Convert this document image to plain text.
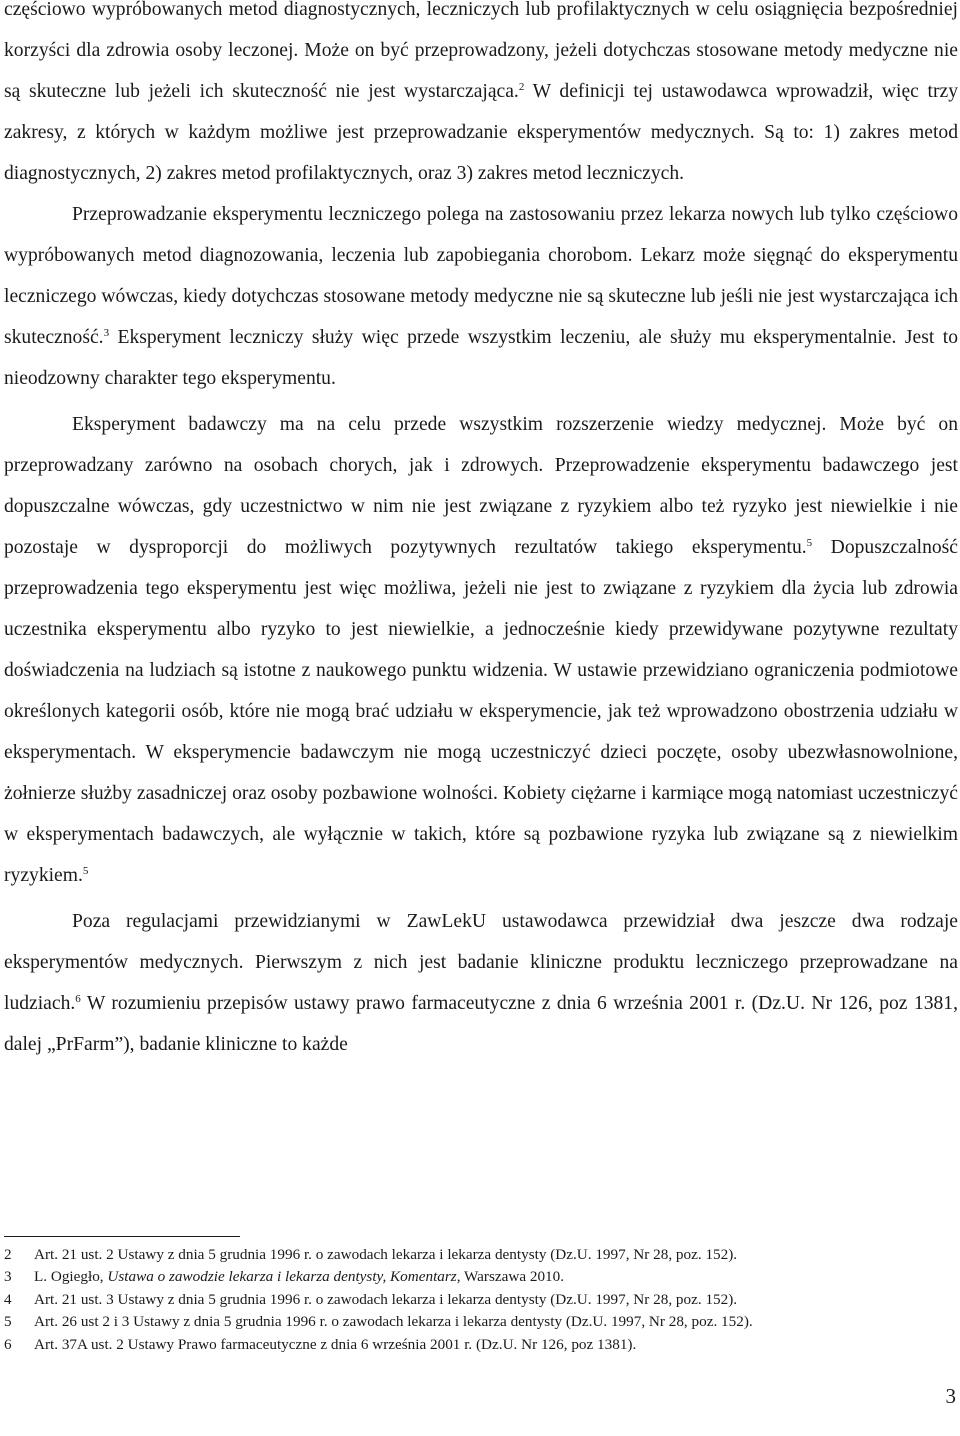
częściowo wypróbowanych metod diagnostycznych, leczniczych lub profilaktycznych w celu osiągnięcia bezpośredniej korzyści dla zdrowia osoby leczonej. Może on być przeprowadzony, jeżeli dotychczas stosowane metody medyczne nie są skuteczne lub jeżeli ich skuteczność nie jest wystarczająca.$^2$ W definicji tej ustawodawca wprowadził, więc trzy zakresy, z których w każdym możliwe jest przeprowadzanie eksperymentów medycznych. Są to: 1) zakres metod diagnostycznych, 2) zakres metod profilaktycznych, oraz 3) zakres metod leczniczych.

Przeprowadzanie eksperymentu leczniczego polega na zastosowaniu przez lekarza nowych lub tylko częściowo wypróbowanych metod diagnozowania, leczenia lub zapobiegania chorobom. Lekarz może sięgnąć do eksperymentu leczniczego wówczas, kiedy dotychczas stosowane metody medyczne nie są skuteczne lub jeśli nie jest wystarczająca ich skuteczność.$^3$ Eksperyment leczniczy służy więc przede wszystkim leczeniu, ale służy mu eksperymentalnie. Jest to nieodzowny charakter tego eksperymentu.

Eksperyment badawczy ma na celu przede wszystkim rozszerzenie wiedzy medycznej. Może być on przeprowadzany zarówno na osobach chorych, jak i zdrowych. Przeprowadzenie eksperymentu badawczego jest dopuszczalne wówczas, gdy uczestnictwo w nim nie jest związane z ryzykiem albo też ryzyko jest niewielkie i nie pozostaje w dysproporcji do możliwych pozytywnych rezultatów takiego eksperymentu.$^5$ Dopuszczalność przeprowadzenia tego eksperymentu jest więc możliwa, jeżeli nie jest to związane z ryzykiem dla życia lub zdrowia uczestnika eksperymentu albo ryzyko to jest niewielkie, a jednocześnie kiedy przewidywane pozytywne rezultaty doświadczenia na ludziach są istotne z naukowego punktu widzenia. W ustawie przewidziano ograniczenia podmiotowe określonych kategorii osób, które nie mogą brać udziału w eksperymencie, jak też wprowadzono obostrzenia udziału w eksperymentach. W eksperymencie badawczym nie mogą uczestniczyć dzieci poczęte, osoby ubezwłasnowolnione, żołnierze służby zasadniczej oraz osoby pozbawione wolności. Kobiety ciężarne i karmiące mogą natomiast uczestniczyć w eksperymentach badawczych, ale wyłącznie w takich, które są pozbawione ryzyka lub związane są z niewielkim ryzykiem.$^5$

Poza regulacjami przewidzianymi w ZawLekU ustawodawca przewidział dwa jeszcze dwa rodzaje eksperymentów medycznych. Pierwszym z nich jest badanie kliniczne produktu leczniczego przeprowadzane na ludziach.$^6$ W rozumieniu przepisów ustawy prawo farmaceutyczne z dnia 6 września 2001 r. (Dz.U. Nr 126, poz 1381, dalej „PrFarm”), badanie kliniczne to każde

2	Art. 21 ust. 2 Ustawy z dnia 5 grudnia 1996 r. o zawodach lekarza i lekarza dentysty (Dz.U. 1997, Nr 28, poz. 152).
3	L. Ogiegło, Ustawa o zawodzie lekarza i lekarza dentysty, Komentarz, Warszawa 2010.
4	Art. 21 ust. 3 Ustawy z dnia 5 grudnia 1996 r. o zawodach lekarza i lekarza dentysty (Dz.U. 1997, Nr 28, poz. 152).
5	Art. 26 ust 2 i 3 Ustawy z dnia 5 grudnia 1996 r. o zawodach lekarza i lekarza dentysty (Dz.U. 1997, Nr 28, poz. 152).
6	Art. 37A ust. 2 Ustawy Prawo farmaceutyczne z dnia 6 września 2001 r. (Dz.U. Nr 126, poz 1381).
3
